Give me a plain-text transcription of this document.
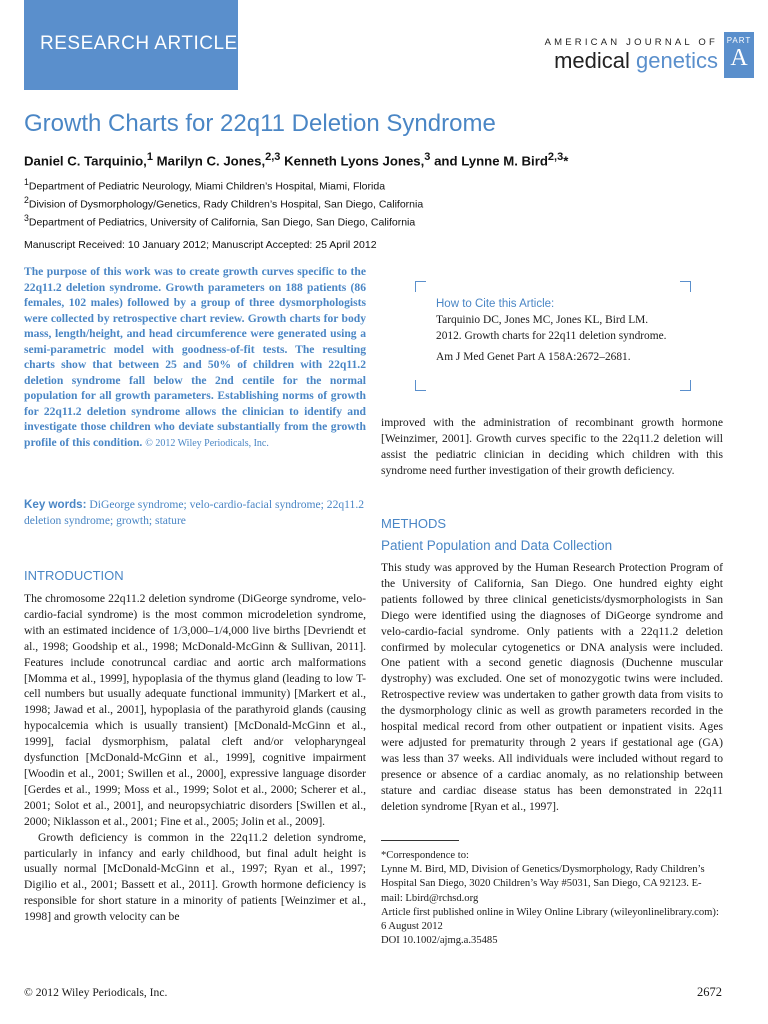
RESEARCH ARTICLE	AMERICAN JOURNAL OF
medical genetics
PART
A
Growth Charts for 22q11 Deletion Syndrome
Daniel C. Tarquinio,$^1$ Marilyn C. Jones,$^{2,3}$ Kenneth Lyons Jones,$^3$ and Lynne M. Bird$^{2,3}$*
$^1$Department of Pediatric Neurology, Miami Children’s Hospital, Miami, Florida
$^2$Division of Dysmorphology/Genetics, Rady Children’s Hospital, San Diego, California
$^3$Department of Pediatrics, University of California, San Diego, San Diego, California
Manuscript Received: 10 January 2012; Manuscript Accepted: 25 April 2012
The purpose of this work was to create growth curves specific to the 22q11.2 deletion syndrome. Growth parameters on 188 patients (86 females, 102 males) followed by a group of three dysmorphologists were collected by retrospective chart review. Growth charts for body mass, length/height, and head circumference were generated using a semi-parametric model with goodness-of-fit tests. The resulting charts show that between 25 and 50% of children with 22q11.2 deletion syndrome fall below the 2nd centile for the normal population for all growth parameters. Establishing norms of growth for 22q11.2 deletion syndrome allows the clinician to identify and investigate those children who deviate substantially from the growth profile of this condition. © 2012 Wiley Periodicals, Inc.
Key words: DiGeorge syndrome; velo-cardio-facial syndrome; 22q11.2 deletion syndrome; growth; stature
INTRODUCTION

The chromosome 22q11.2 deletion syndrome (DiGeorge syndrome, velo-cardio-facial syndrome) is the most common microdeletion syndrome, with an estimated incidence of 1/3,000–1/4,000 live births [Devriendt et al., 1998; Goodship et al., 1998; McDonald-McGinn & Sullivan, 2011]. Features include conotruncal cardiac and aortic arch malformations [Momma et al., 1999], hypoplasia of the thymus gland (leading to low T-cell numbers but usually adequate functional immunity) [Markert et al., 1998; Jawad et al., 2001], hypoplasia of the parathyroid glands (causing hypocalcemia which is usually transient) [McDonald-McGinn et al., 1999], facial dysmorphism, palatal cleft and/or velopharyngeal dysfunction [McDonald-McGinn et al., 1999], cognitive impairment [Woodin et al., 2001; Swillen et al., 2000], expressive language disorder [Gerdes et al., 1999; Moss et al., 1999; Solot et al., 2000; Scherer et al., 2001; Solot et al., 2001], and neuropsychiatric disorders [Swillen et al., 2000; Niklasson et al., 2001; Fine et al., 2005; Jolin et al., 2009].

Growth deficiency is common in the 22q11.2 deletion syndrome, particularly in infancy and early childhood, but final adult height is usually normal [McDonald-McGinn et al., 1997; Ryan et al., 1997; Digilio et al., 2001; Bassett et al., 2011]. Growth hormone deficiency is responsible for short stature in a minority of patients [Weinzimer et al., 1998] and growth velocity can be

How to Cite this Article:
Tarquinio DC, Jones MC, Jones KL, Bird LM. 2012. Growth charts for 22q11 deletion syndrome.
Am J Med Genet Part A 158A:2672–2681.
improved with the administration of recombinant growth hormone [Weinzimer, 2001]. Growth curves specific to the 22q11.2 deletion will assist the pediatric clinician in deciding which children with this syndrome need further investigation of their growth deficiency.
METHODS
Patient Population and Data Collection
This study was approved by the Human Research Protection Program of the University of California, San Diego. One hundred eighty eight patients followed by three clinical geneticists/dysmorphologists in San Diego were identified using the diagnoses of DiGeorge syndrome and velo-cardio-facial syndrome. Only patients with a 22q11.2 deletion confirmed by molecular cytogenetics or DNA analysis were included. One patient with a second genetic diagnosis (Duchenne muscular dystrophy) was excluded. One set of monozygotic twins were included. Retrospective review was undertaken to gather growth data from visits to the dysmorphology clinic as well as growth parameters recorded in the hospital medical record from other outpatient or inpatient visits. Ages were adjusted for prematurity through 2 years if gestational age (GA) was less than 37 weeks. All individuals were included without regard to presence or absence of a cardiac anomaly, as no relationship between stature and cardiac disease status has been demonstrated in 22q11 deletion syndrome [Ryan et al., 1997].

*Correspondence to:

Lynne M. Bird, MD, Division of Genetics/Dysmorphology, Rady Children’s Hospital San Diego, 3020 Children’s Way #5031, San Diego, CA 92123. E-mail: Lbird@rchsd.org

Article first published online in Wiley Online Library (wileyonlinelibrary.com): 6 August 2012

DOI 10.1002/ajmg.a.35485

© 2012 Wiley Periodicals, Inc.	2672
